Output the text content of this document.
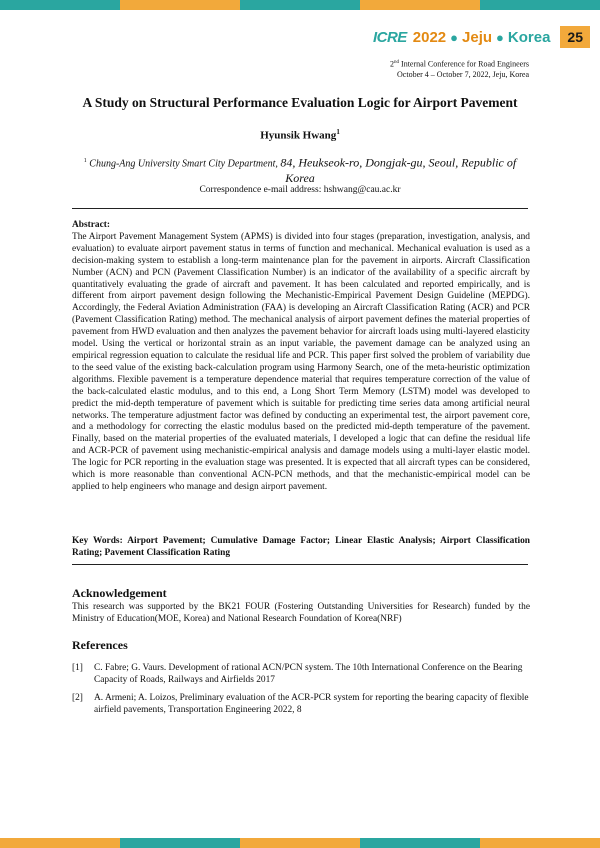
ICRE 2022 ● Jeju ● Korea	25
2nd Internal Conference for Road Engineers
October 4 – October 7, 2022, Jeju, Korea
A Study on Structural Performance Evaluation Logic for Airport Pavement
Hyunsik Hwang$^1$
$^1$ Chung-Ang University Smart City Department, 84, Heukseok-ro, Dongjak-gu, Seoul, Republic of Korea
Correspondence e-mail address: hshwang@cau.ac.kr
Abstract:
The Airport Pavement Management System (APMS) is divided into four stages (preparation, investigation, analysis, and evaluation) to evaluate airport pavement status in terms of function and mechanical. Mechanical evaluation is used as a decision-making system to establish a long-term maintenance plan for the pavement in airports. Aircraft Classification Number (ACN) and PCN (Pavement Classification Number) is an indicator of the availability of a specific aircraft by quantitatively evaluating the grade of aircraft and pavement. It has been calculated and reported empirically, and is different from airport pavement design following the Mechanistic-Empirical Pavement Design Guideline (MEPDG). Accordingly, the Federal Aviation Administration (FAA) is developing an Aircraft Classification Rating (ACR) and PCR (Pavement Classification Rating) method. The mechanical analysis of airport pavement defines the material properties of pavement from HWD evaluation and then analyzes the pavement behavior for aircraft loads using multi-layered elasticity model. Using the vertical or horizontal strain as an input variable, the pavement damage can be analyzed using an empirical regression equation to calculate the residual life and PCR. This paper first solved the problem of variability due to the seed value of the existing back-calculation program using Harmony Search, one of the meta-heuristic optimization algorithms. Flexible pavement is a temperature dependence material that requires temperature correction of the value of the back-calculated elastic modulus, and to this end, a Long Short Term Memory (LSTM) model was developed to predict the mid-depth temperature of pavement which is suitable for predicting time series data among artificial neural networks. The temperature adjustment factor was defined by conducting an experimental test, the airport pavement core, and a methodology for correcting the elastic modulus based on the predicted mid-depth temperature of the pavement. Finally, based on the material properties of the evaluated materials, I developed a logic that can define the residual life and ACR-PCR of pavement using mechanistic-empirical analysis and damage models using a multi-layer elastic model. The logic for PCR reporting in the evaluation stage was presented. It is expected that all aircraft types can be considered, which is more reasonable than conventional ACN-PCN methods, and that the mechanistic-empirical model can be applied to help engineers who manage and design airport pavement.
Key Words: Airport Pavement; Cumulative Damage Factor; Linear Elastic Analysis; Airport Classification Rating; Pavement Classification Rating
Acknowledgement
This research was supported by the BK21 FOUR (Fostering Outstanding Universities for Research) funded by the Ministry of Education(MOE, Korea) and National Research Foundation of Korea(NRF)
References
[1]	C. Fabre; G. Vaurs. Development of rational ACN/PCN system. The 10th International Conference on the Bearing Capacity of Roads, Railways and Airfields 2017
[2]	A. Armeni; A. Loizos, Preliminary evaluation of the ACR-PCR system for reporting the bearing capacity of flexible airfield pavements, Transportation Engineering 2022, 8
